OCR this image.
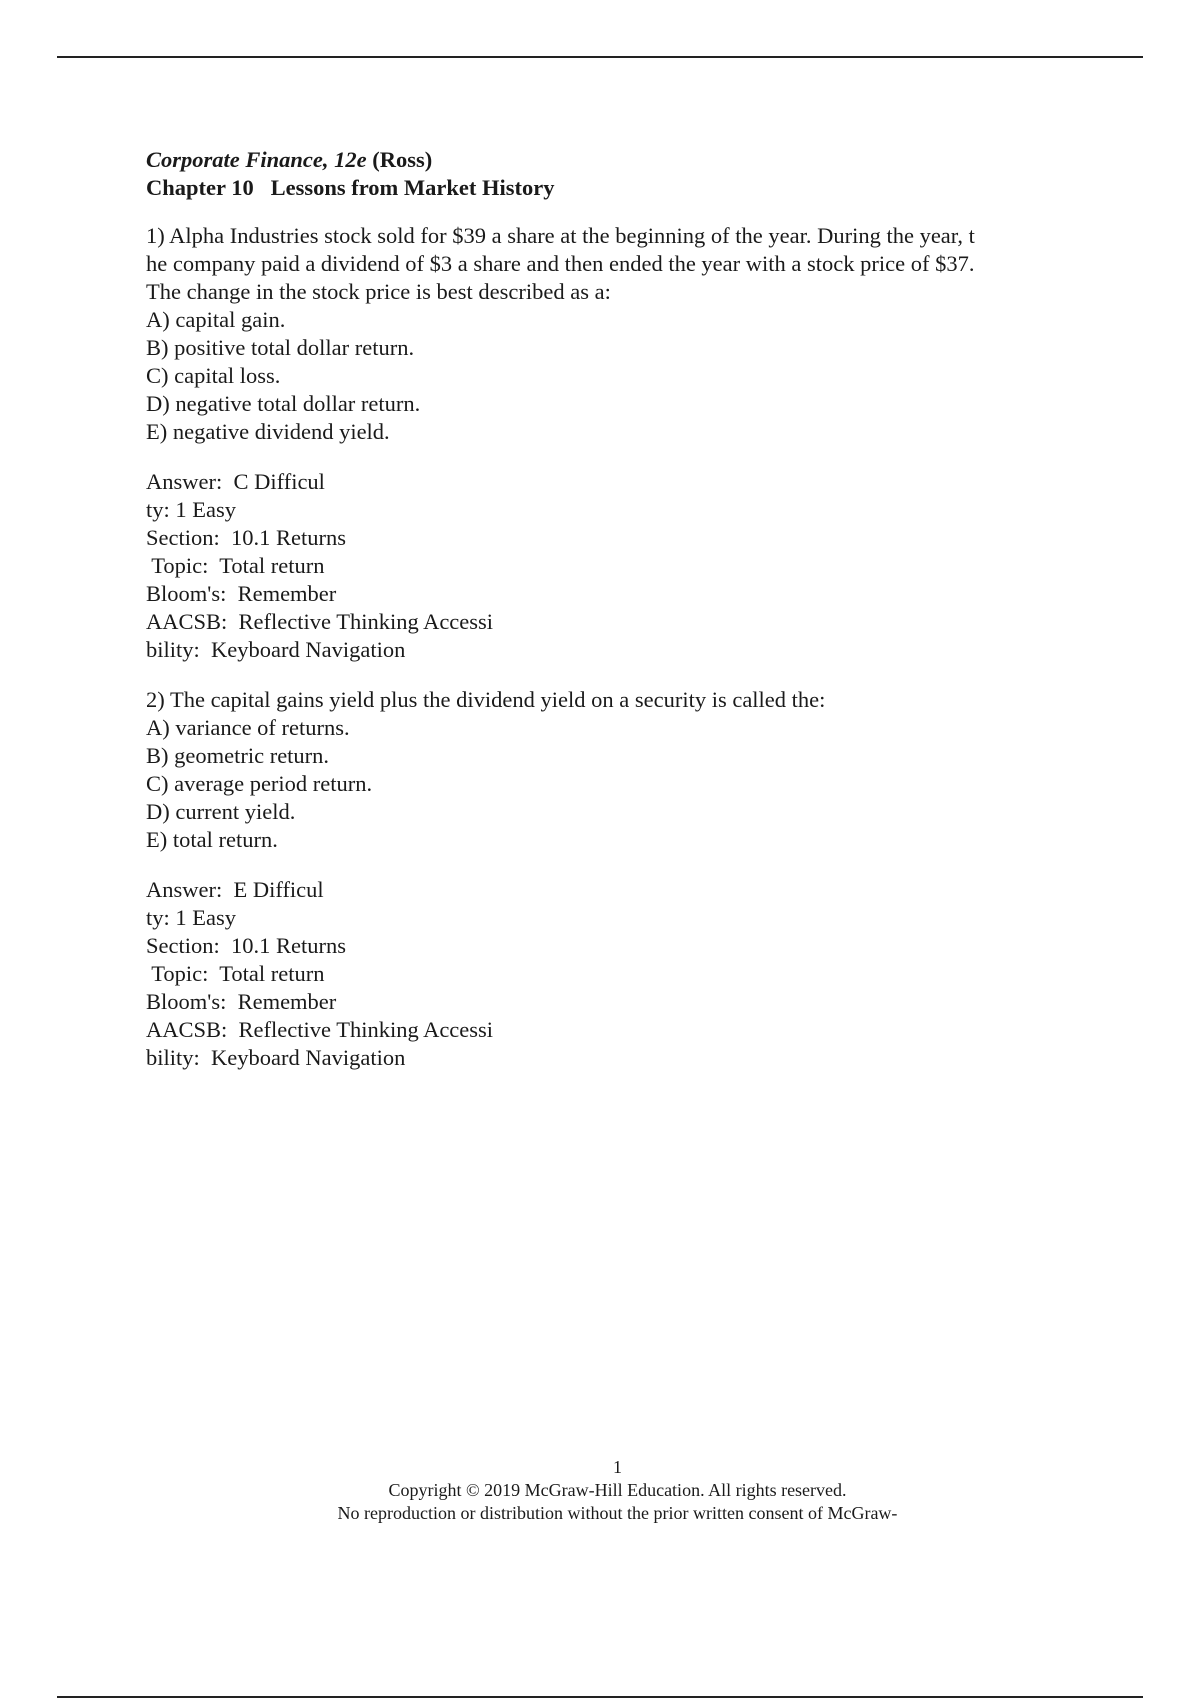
Corporate Finance, 12e (Ross)
Chapter 10   Lessons from Market History
1) Alpha Industries stock sold for $39 a share at the beginning of the year. During the year, t
he company paid a dividend of $3 a share and then ended the year with a stock price of $37.
The change in the stock price is best described as a:
A) capital gain.
B) positive total dollar return.
C) capital loss.
D) negative total dollar return.
E) negative dividend yield.
Answer:  C Difficul
ty: 1 Easy
Section:  10.1 Returns
Topic:  Total return
Bloom's:  Remember
AACSB:  Reflective Thinking Accessi
bility:  Keyboard Navigation
2) The capital gains yield plus the dividend yield on a security is called the:
A) variance of returns.
B) geometric return.
C) average period return.
D) current yield.
E) total return.
Answer:  E Difficul
ty: 1 Easy
Section:  10.1 Returns
Topic:  Total return
Bloom's:  Remember
AACSB:  Reflective Thinking Accessi
bility:  Keyboard Navigation
1
Copyright © 2019 McGraw-Hill Education. All rights reserved.
No reproduction or distribution without the prior written consent of McGraw-
